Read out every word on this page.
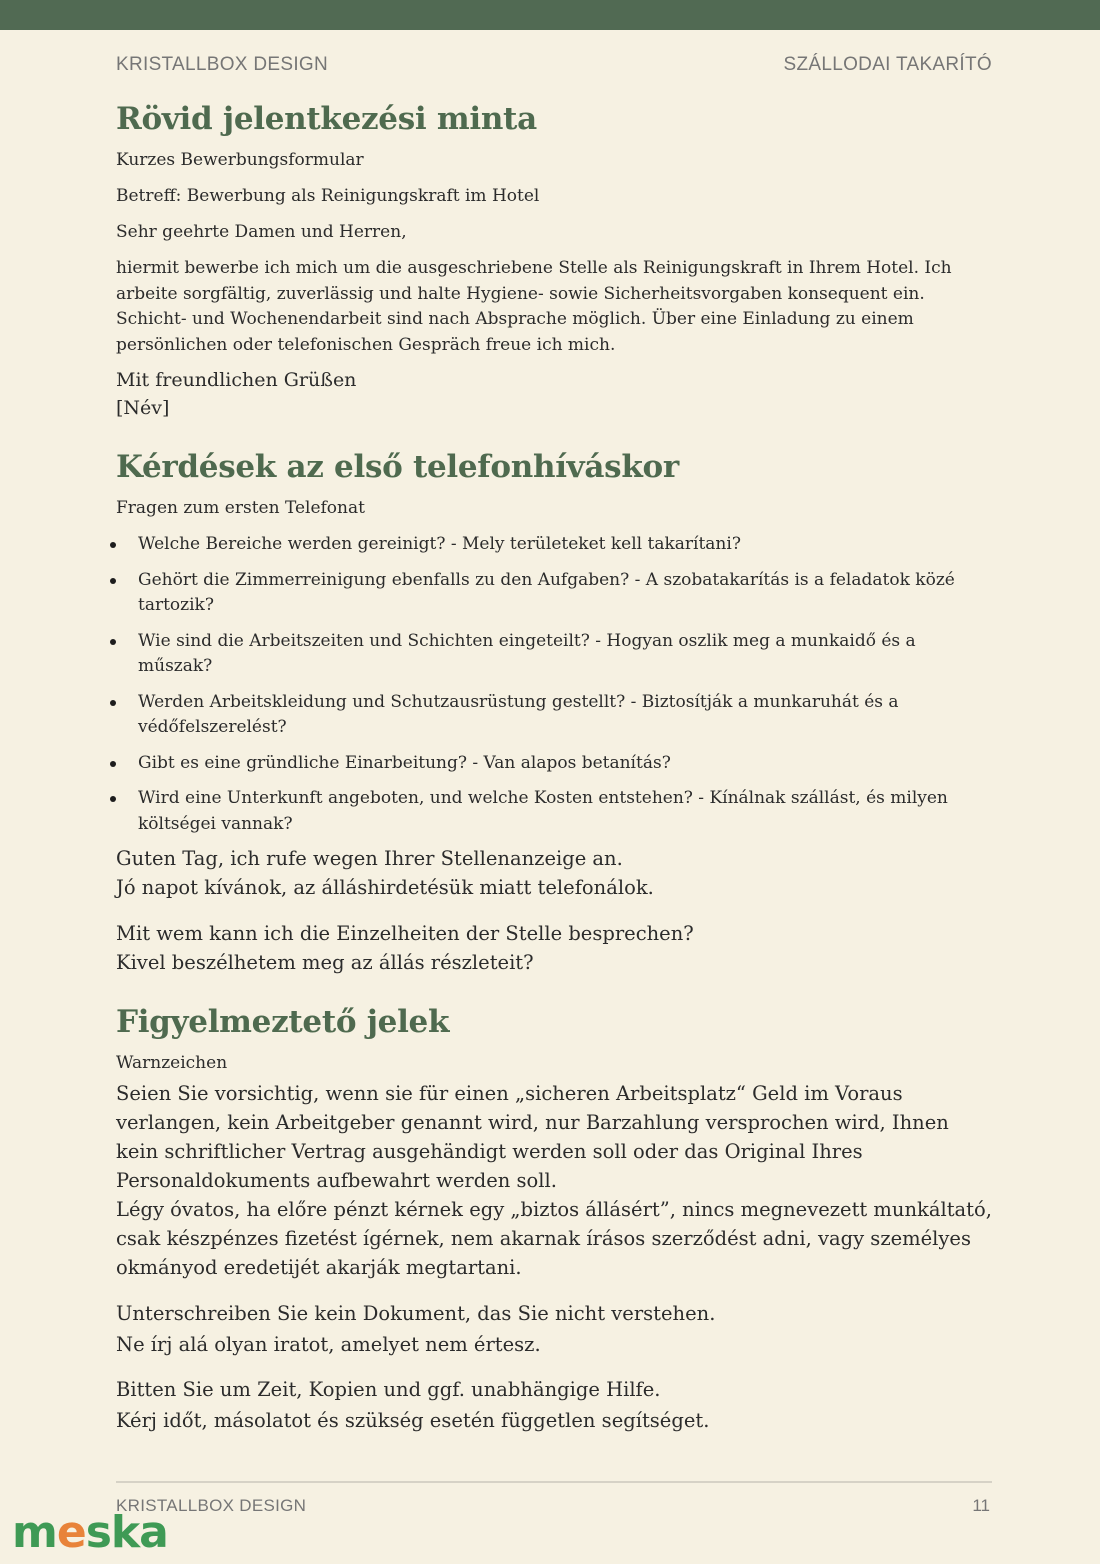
KRISTALLBOX DESIGN	SZÁLLODAI TAKARÍTÓ
Rövid jelentkezési minta

Kurzes Bewerbungsformular

Betreff: Bewerbung als Reinigungskraft im Hotel

Sehr geehrte Damen und Herren,

hiermit bewerbe ich mich um die ausgeschriebene Stelle als Reinigungskraft in Ihrem Hotel. Ich arbeite sorgfältig, zuverlässig und halte Hygiene- sowie Sicherheitsvorgaben konsequent ein. Schicht- und Wochenendarbeit sind nach Absprache möglich. Über eine Einladung zu einem persönlichen oder telefonischen Gespräch freue ich mich.

Mit freundlichen Grüßen

[Név]

Kérdések az első telefonhíváskor

Fragen zum ersten Telefonat

Welche Bereiche werden gereinigt? - Mely területeket kell takarítani?
Gehört die Zimmerreinigung ebenfalls zu den Aufgaben? - A szobatakarítás is a feladatok közé tartozik?
Wie sind die Arbeitszeiten und Schichten eingeteilt? - Hogyan oszlik meg a munkaidő és a műszak?
Werden Arbeitskleidung und Schutzausrüstung gestellt? - Biztosítják a munkaruhát és a védőfelszerelést?
Gibt es eine gründliche Einarbeitung? - Van alapos betanítás?
Wird eine Unterkunft angeboten, und welche Kosten entstehen? - Kínálnak szállást, és milyen költségei vannak?

Guten Tag, ich rufe wegen Ihrer Stellenanzeige an.

Jó napot kívánok, az álláshirdetésük miatt telefonálok.

Mit wem kann ich die Einzelheiten der Stelle besprechen?

Kivel beszélhetem meg az állás részleteit?

Figyelmeztető jelek

Warnzeichen

Seien Sie vorsichtig, wenn sie für einen „sicheren Arbeitsplatz“ Geld im Voraus verlangen, kein Arbeitgeber genannt wird, nur Barzahlung versprochen wird, Ihnen kein schriftlicher Vertrag ausgehändigt werden soll oder das Original Ihres Personaldokuments aufbewahrt werden soll.

Légy óvatos, ha előre pénzt kérnek egy „biztos állásért”, nincs megnevezett munkáltató, csak készpénzes fizetést ígérnek, nem akarnak írásos szerződést adni, vagy személyes okmányod eredetijét akarják megtartani.

Unterschreiben Sie kein Dokument, das Sie nicht verstehen.

Ne írj alá olyan iratot, amelyet nem értesz.

Bitten Sie um Zeit, Kopien und ggf. unabhängige Hilfe.

Kérj időt, másolatot és szükség esetén független segítséget.

KRISTALLBOX DESIGN	11
meska
